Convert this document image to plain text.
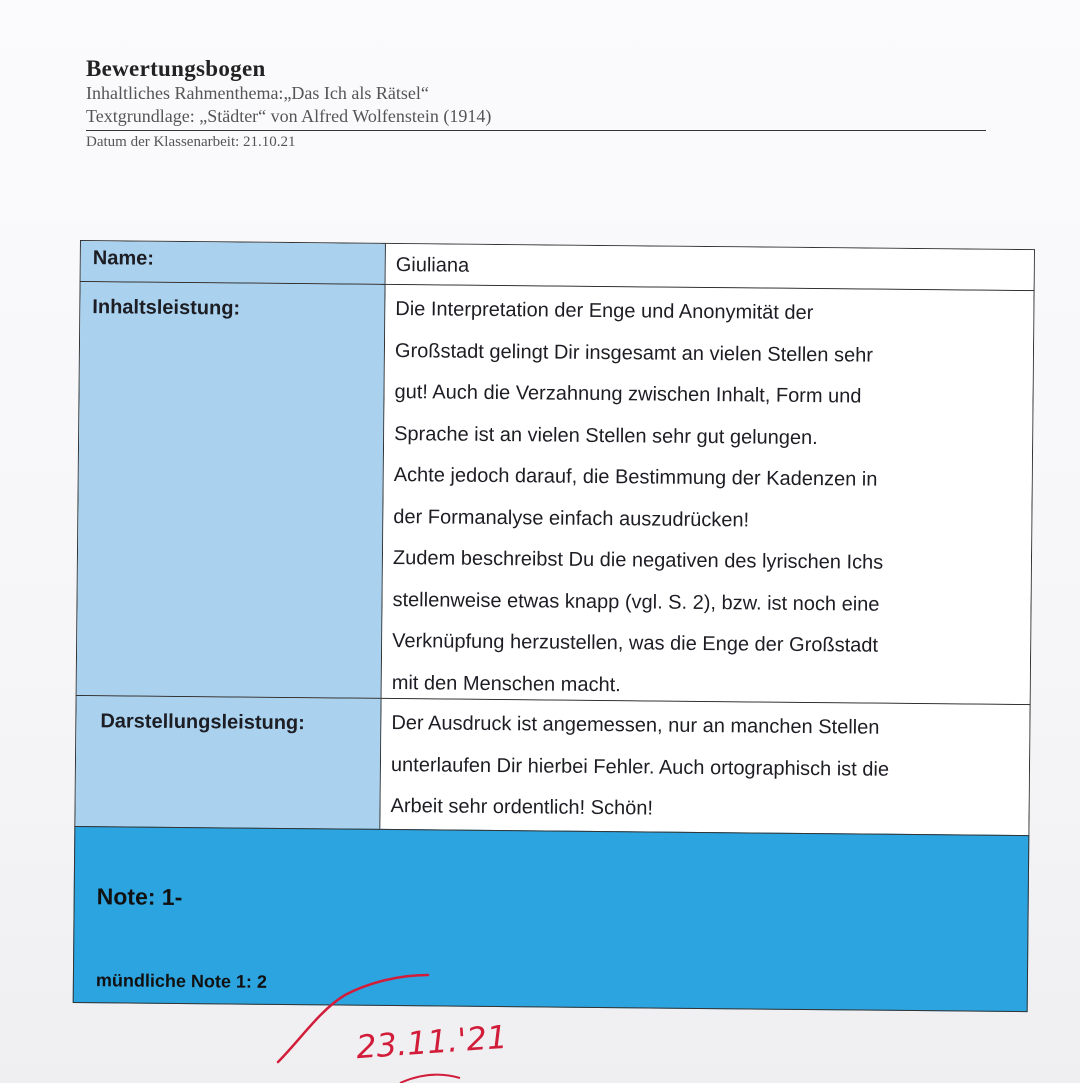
Bewertungsbogen
Inhaltliches Rahmenthema:„Das Ich als Rätsel“
Textgrundlage: „Städter“ von Alfred Wolfenstein (1914)
Datum der Klassenarbeit: 21.10.21
Name:	Giuliana
Inhaltsleistung:	Die Interpretation der Enge und Anonymität der

Großstadt gelingt Dir insgesamt an vielen Stellen sehr

gut! Auch die Verzahnung zwischen Inhalt, Form und

Sprache ist an vielen Stellen sehr gut gelungen.

Achte jedoch darauf, die Bestimmung der Kadenzen in

der Formanalyse einfach auszudrücken!

Zudem beschreibst Du die negativen des lyrischen Ichs

stellenweise etwas knapp (vgl. S. 2), bzw. ist noch eine

Verknüpfung herzustellen, was die Enge der Großstadt

mit den Menschen macht.

Darstellungsleistung:	Der Ausdruck ist angemessen, nur an manchen Stellen

unterlaufen Dir hierbei Fehler. Auch ortographisch ist die

Arbeit sehr ordentlich! Schön!

Note: 1-
mündliche Note 1: 2
23.11.'21
